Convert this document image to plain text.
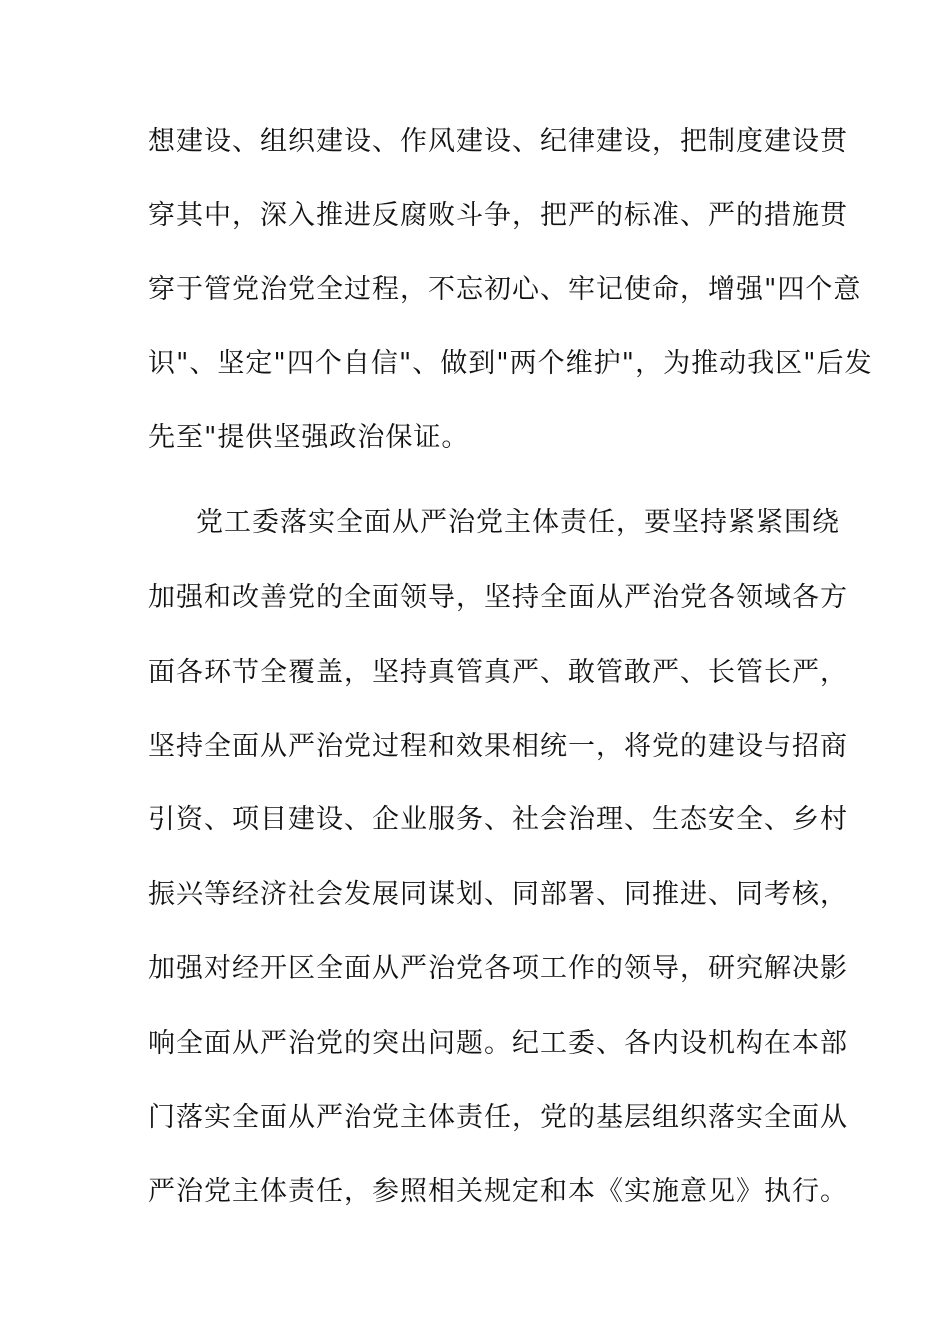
想建设、组织建设、作风建设、纪律建设，把制度建设贯
穿其中，深入推进反腐败斗争，把严的标准、严的措施贯
穿于管党治党全过程，不忘初心、牢记使命，增强"四个意
识"、坚定"四个自信"、做到"两个维护"，为推动我区"后发
先至"提供坚强政治保证。
党工委落实全面从严治党主体责任，要坚持紧紧围绕
加强和改善党的全面领导，坚持全面从严治党各领域各方
面各环节全覆盖，坚持真管真严、敢管敢严、长管长严，
坚持全面从严治党过程和效果相统一，将党的建设与招商
引资、项目建设、企业服务、社会治理、生态安全、乡村
振兴等经济社会发展同谋划、同部署、同推进、同考核，
加强对经开区全面从严治党各项工作的领导，研究解决影
响全面从严治党的突出问题。纪工委、各内设机构在本部
门落实全面从严治党主体责任，党的基层组织落实全面从
严治党主体责任，参照相关规定和本《实施意见》执行。
